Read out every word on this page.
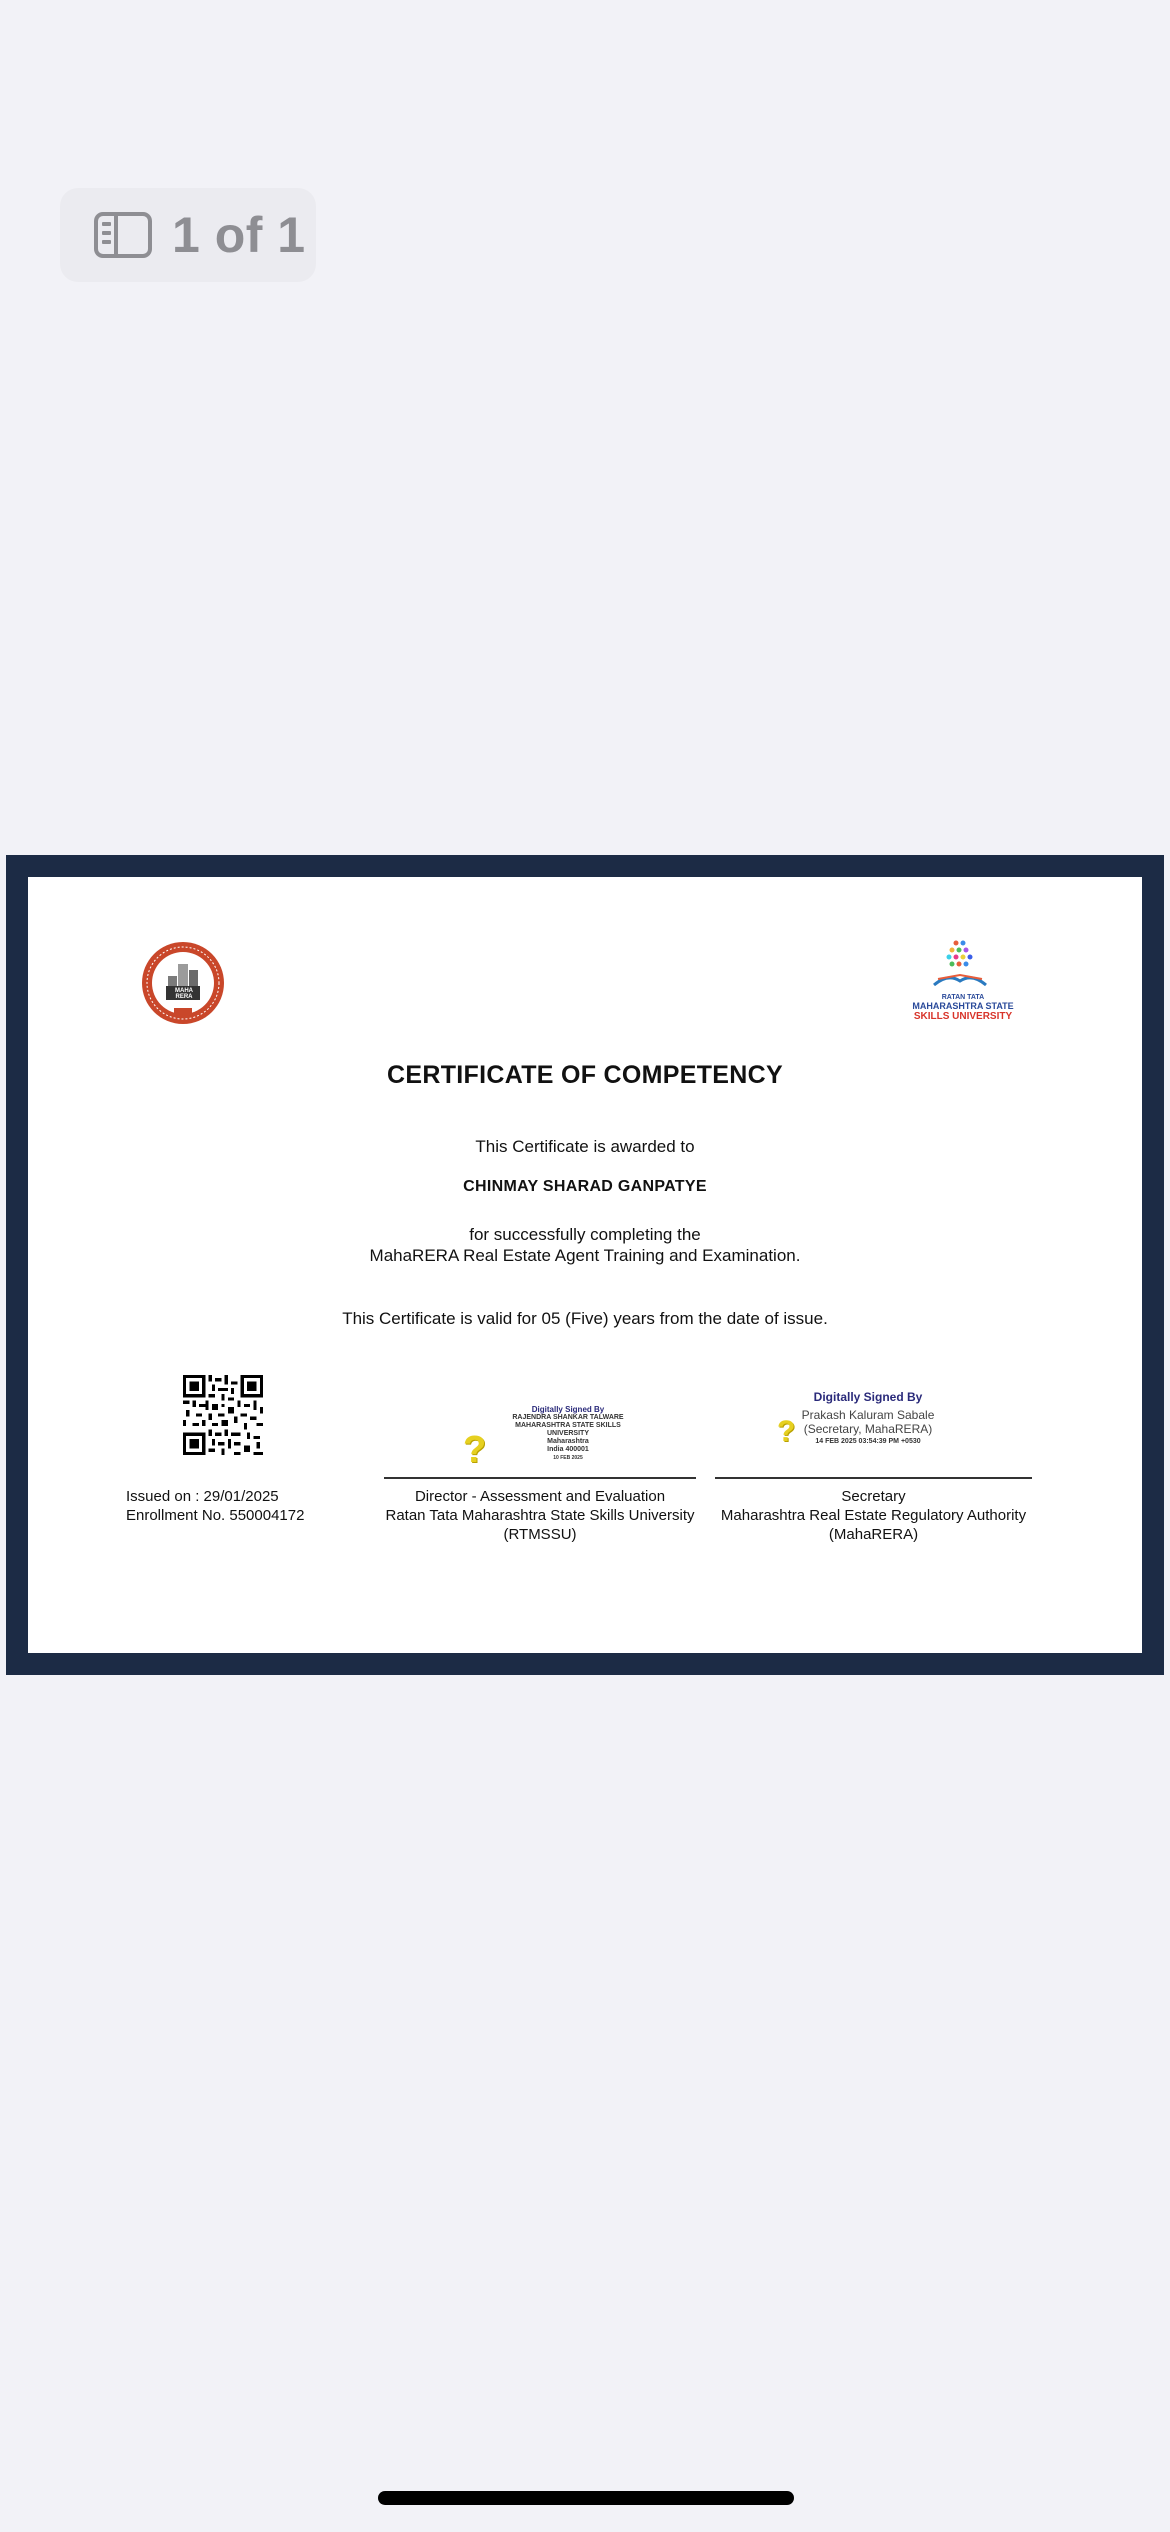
1 of 1
MAHA RERA	RATAN TATA
MAHARASHTRA STATE
SKILLS UNIVERSITY
CERTIFICATE OF COMPETENCY
This Certificate is awarded to
CHINMAY SHARAD GANPATYE
for successfully completing the
MahaRERA Real Estate Agent Training and Examination.
This Certificate is valid for 05 (Five) years from the date of issue.
Issued on : 29/01/2025
Enrollment No. 550004172
Digitally Signed By
RAJENDRA SHANKAR TALWARE
MAHARASHTRA STATE SKILLS
UNIVERSITY
Maharashtra
India 400001
10 FEB 2025
?
Digitally Signed By
Prakash Kaluram Sabale
(Secretary, MahaRERA)
14 FEB 2025 03:54:39 PM +0530
?
Director - Assessment and Evaluation
Ratan Tata Maharashtra State Skills University
(RTMSSU)
Secretary
Maharashtra Real Estate Regulatory Authority
(MahaRERA)
